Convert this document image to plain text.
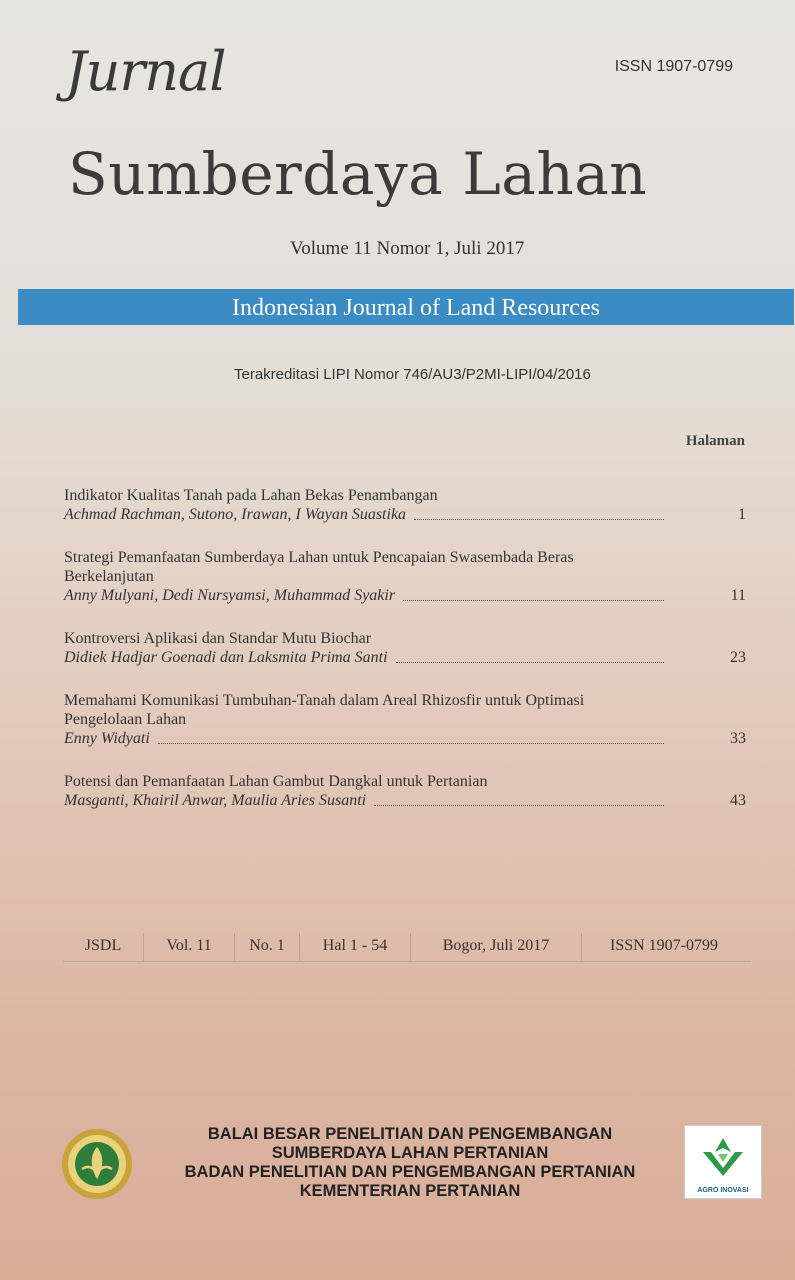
ISSN 1907-0799
Jurnal
Sumberdaya Lahan
Volume 11 Nomor 1, Juli 2017
Indonesian Journal of Land Resources
Terakreditasi LIPI Nomor 746/AU3/P2MI-LIPI/04/2016
Halaman
Indikator Kualitas Tanah pada Lahan Bekas Penambangan
Achmad Rachman, Sutono, Irawan, I Wayan Suastika	1
Strategi Pemanfaatan Sumberdaya Lahan untuk Pencapaian Swasembada Beras Berkelanjutan
Anny Mulyani, Dedi Nursyamsi, Muhammad Syakir	11
Kontroversi Aplikasi dan Standar Mutu Biochar
Didiek Hadjar Goenadi dan Laksmita Prima Santi	23
Memahami Komunikasi Tumbuhan-Tanah dalam Areal Rhizosfir untuk Optimasi Pengelolaan Lahan
Enny Widyati	33
Potensi dan Pemanfaatan Lahan Gambut Dangkal untuk Pertanian
Masganti, Khairil Anwar, Maulia Aries Susanti	43
JSDL	Vol. 11	No. 1	Hal 1 - 54	Bogor, Juli 2017	ISSN 1907-0799
BALAI BESAR PENELITIAN DAN PENGEMBANGAN
SUMBERDAYA LAHAN PERTANIAN
BADAN PENELITIAN DAN PENGEMBANGAN PERTANIAN
KEMENTERIAN PERTANIAN	AGRO INOVASI
